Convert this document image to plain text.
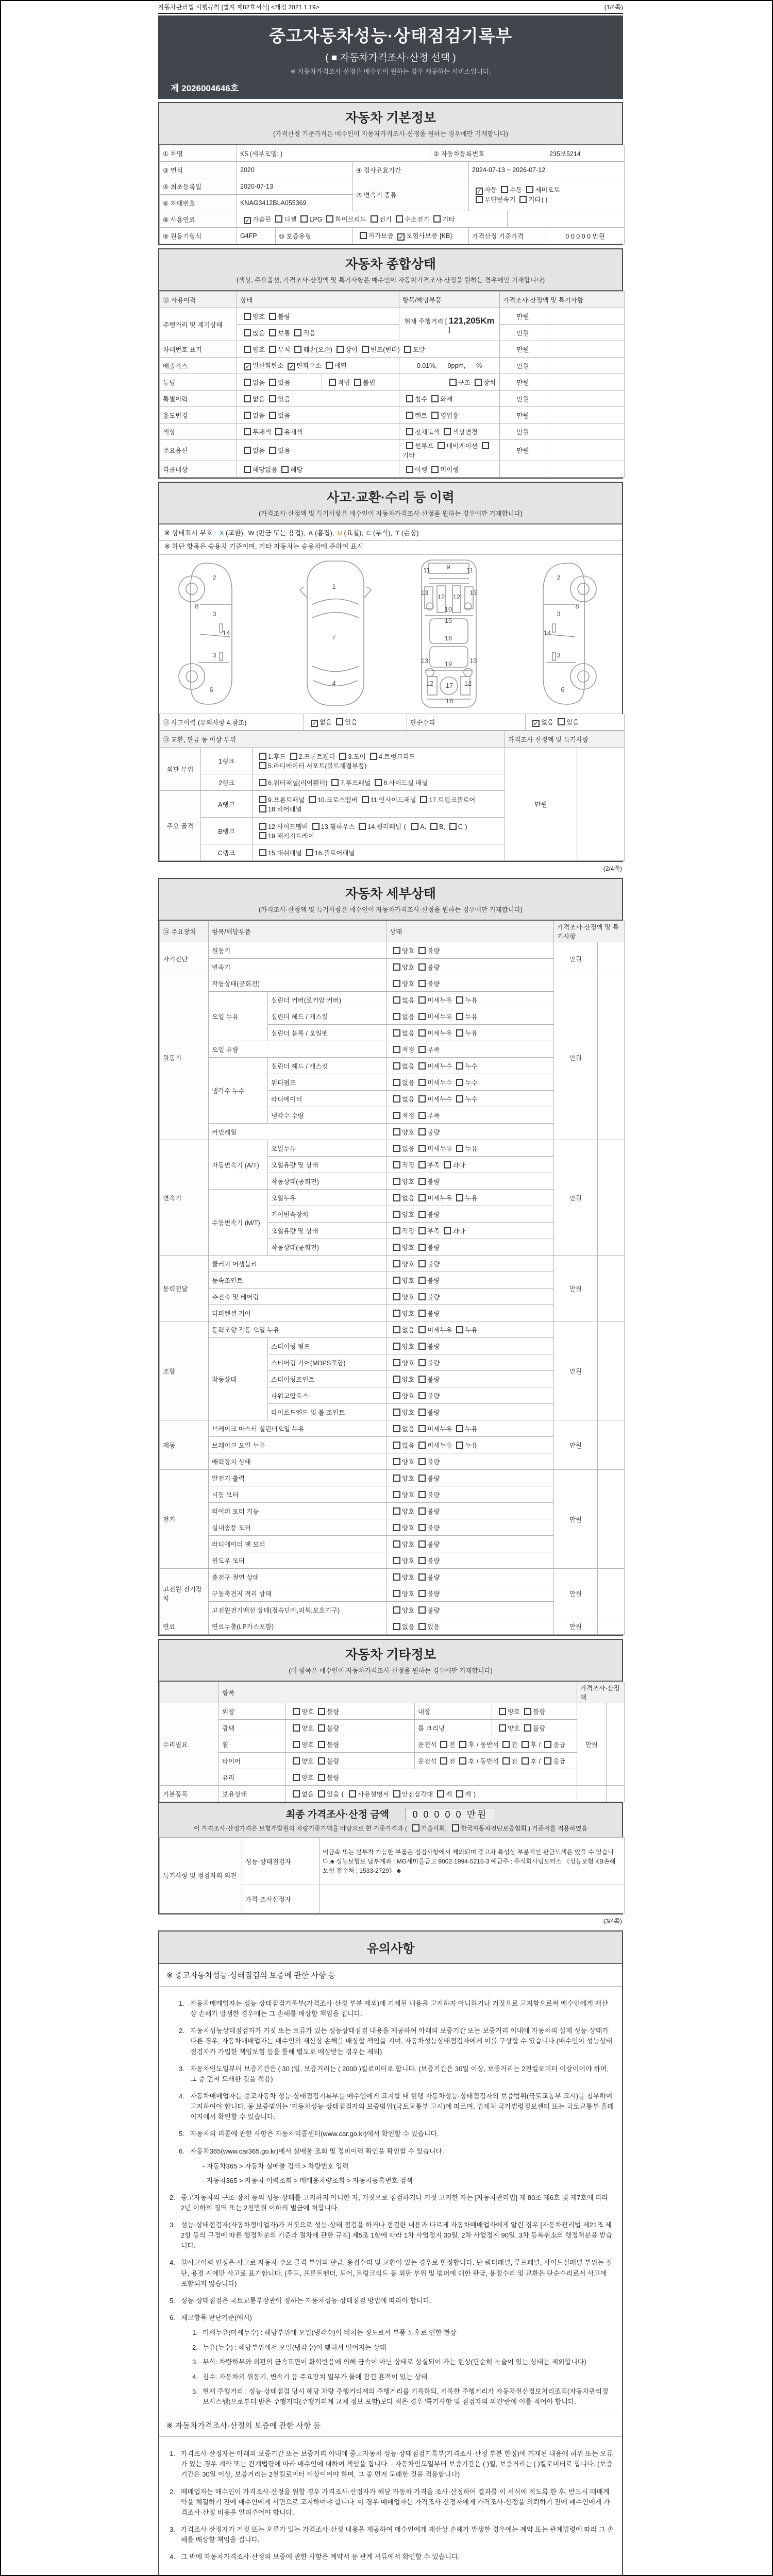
자동차관리법 시행규칙 [별지 제82호서식] <개정 2021.1.19>	(1/4쪽)
중고자동차성능·상태점검기록부
( ■ 자동차가격조사·산정 선택 )
※ 자동차가격조사·산정은 매수인이 원하는 경우 제공하는 서비스입니다.
제 2026004646호
자동차 기본정보
(가격산정 기준가격은 매수인이 자동차가격조사·산정을 원하는 경우에만 기재합니다)
① 차명	K5 (세부모델: )			② 자동차등록번호			235보5214
③ 연식	2020		④ 검사유효기간		2024-07-13 ~ 2026-07-12		
⑤ 최초등록일	2020-07-13		⑦ 변속기 종류	✓자동 수동 세미오토
무단변속기 기타( )
⑥ 차대번호	KNAG3412BLA055369						
⑧ 사용연료	✓가솔린 디젤 LPG 하이브리드 전기 수소전기 기타	
⑨ 원동기형식	G4FP	⑩ 보증유형	자가보증 ✓ 보험사보증 [KB]		가격산정 기준가격		0 0 0 0 0 만원
자동차 종합상태
(색상, 주요옵션, 가격조사·산정액 및 특기사항은 매수인이 자동차가격조사·산정을 원하는 경우에만 기재합니다)
⑪ 사용이력	상태		항목/해당부품	가격조사·산정액 및 특기사항	
주행거리 및 계기상태	양호 불량		현재 주행거리 [ 121,205Km ]	만원	
	많음 보통 적음			만원	
차대번호 표기	양호 부식 훼손(오손) 상이 변조(변타) 도말			만원	
배출가스	✓일산화탄소 ✓ 탄화수소 매연		0.01%,      9ppm,      %	만원	
튜닝	없음 있음	적법 불법	구조 장치	만원	
특별이력	없음 있음		침수 화재	만원	
용도변경	없음 있음		렌트 영업용	만원	
색상	무채색 유채색		전체도색 색상변경	만원	
주요옵션	없음 있음		썬루프 네비게이션기타	만원	
리콜대상	해당없음 해당		이행 미이행		
사고·교환·수리 등 이력
(가격조사·산정액 및 특기사항은 매수인이 자동차가격조사·산정을 원하는 경우에만 기재합니다)
※ 상태표시 부호 : X (교환), W (판금 또는 용접), A (흠집), U (요철), C (부식), T (손상)
※ 하단 항목은 승용차 기준이며, 기타 자동차는 승용차에 준하여 표시
2
8
3
14
3
6
1
7
4
11 9 11
13
12 12
13
10
15
16
13 19	13
12 17 12
18
2
8
3
14
3
6
⑫ 사고이력 (유의사항 4.참조)	✓없음 있음	단순수리	✓없음 있음
⑬ 교환, 판금 등 이상 부위			가격조사·산정액 및 특기사항	
외판 부위	1랭크	1.후드 2.프론트휀더 3.도어 4.트렁크리드
5.라디에이터 서포트(볼트체결부품)	만원	
	2랭크	6.쿼터패널(리어휀더) 7.루프패널 8.사이드실 패널		
주요 골격	A랭크	9.프론트패널 10.크로스멤버 11.인사이드패널 17.트렁크플로어
18.리어패널		
	B랭크	12.사이드멤버 13.휠하우스 14.필러패널 ( A, B, C )
19.패키지트레이		
	C랭크	15.대쉬패널 16.플로어패널		
(2/4쪽)
자동차 세부상태
(가격조사·산정액 및 특기사항은 매수인이 자동차가격조사·산정을 원하는 경우에만 기재합니다)
⑭ 주요장치	항목/해당부품		상태	가격조사·산정액 및 특기사항	
자기진단	원동기		양호 불량	만원	
	변속기		양호 불량		
원동기	작동상태(공회전)		양호 불량	만원	
	오일 누유	실린더 커버(로커암 커버)	없음 미세누유 누유		
		실린더 헤드 / 개스킷	없음 미세누유 누유		
		실린더 블록 / 오일팬	없음 미세누유 누유		
	오일 유량		적정 부족		
	냉각수 누수	실린더 헤드 / 개스킷	없음 미세누수 누수		
		워터펌프	없음 미세누수 누수		
		라디에이터	없음 미세누수 누수		
		냉각수 수량	적정 부족		
	커먼레일		양호 불량		
변속기	자동변속기 (A/T)	오일누유	없음 미세누유 누유	만원	
		오일유량 및 상태	적정 부족 과다		
		작동상태(공회전)	양호 불량		
	수동변속기 (M/T)	오일누유	없음 미세누유 누유		
		기어변속장치	양호 불량		
		오일유량 및 상태	적정 부족 과다		
		작동상태(공회전)	양호 불량		
동력전달	클러치 어셈블리		양호 불량	만원	
	등속조인트		양호 불량		
	추진축 및 베어링		양호 불량		
	디퍼렌셜 기어		양호 불량		
조향	동력조향 작동 오일 누유		없음 미세누유 누유	만원	
	작동상태	스티어링 펌프	양호 불량		
		스티어링 기어(MDPS포함)	양호 불량		
		스티어링조인트	양호 불량		
		파워고압호스	양호 불량		
		타이로드엔드 및 볼 조인트	양호 불량		
제동	브레이크 마스터 실린더오일 누유		없음 미세누유 누유	만원	
	브레이크 오일 누유		없음 미세누유 누유		
	배력장치 상태		양호 불량		
전기	발전기 출력		양호 불량	만원	
	시동 모터		양호 불량		
	와이퍼 모터 기능		양호 불량		
	실내송풍 모터		양호 불량		
	라디에이터 팬 모터		양호 불량		
	윈도우 모터		양호 불량		
고전원 전기장치	충전구 절연 상태		양호 불량	만원	
	구동축전지 격리 상태		양호 불량		
	고전원전기배선 상태(접속단자,피복,보호기구)		양호 불량		
연료	연료누출(LP가스포함)		없음 있음	만원	
자동차 기타정보
(이 항목은 매수인이 자동차가격조사·산정을 원하는 경우에만 기재합니다)
	항목				가격조사·산정액	
수리필요	외장	양호 불량	내장	양호 불량	만원	
	광택	양호 불량	룸 크리닝	양호 불량		
	휠	양호 불량	운전석 전 후 / 동반석 전 후 / 응급			
	타이어	양호 불량	운전석 전 후 / 동반석 전 후 / 응급			
	유리	양호 불량				
기본품목	보유상태	없음 있음 ( 사용설명서 안전삼각대 잭 잭 )				
최종 가격조사·산정 금액	0 0 0 0 0 만원
이 가격조사·산정가격은 보험개발원의 차량기준가액을 바탕으로 한 기준가격과 ( 기술사회, 한국자동차진단보증협회 ) 기준서를 적용하였음
특기사항 및 점검자의 의견	성능·상태점검자	비금속 또는 탈부착 가능한 부품은 점검사항에서 제외되며 중고차 특성상 부분적인 판금도색은 있을 수 있습니다.♣ 성능보험료 납부계좌 : MG새마을금고 9002-1994-5215-3 예금주 : 주식회사팀모터스 《성능보험 KB손해보험 접수처 : 1533-2729》 ♣
	가격·조사산정자	
(3/4쪽)
유의사항
※ 중고자동차성능·상태점검의 보증에 관한 사항 등

1. 자동차매매업자는 성능·상태점검기록부(가격조사·산정 부분 제외)에 기재된 내용을 고지하지 아니하거나 거짓으로 고지함으로써 매수인에게 재산상 손해가 발생한 경우에는 그 손해를 배상할 책임을 집니다.

2. 자동차성능상태점검자가 거짓 또는 오류가 있는 성능상태점검 내용을 제공하여 아래의 보증기간 또는 보증거리 이내에 자동차의 실제 성능·상태가 다른 경우, 자동차매매업자는 매수인의 재산상 손해를 배상할 책임을 지며, 자동차성능상태점검자에게 이를 구상할 수 있습니다.(매수인이 성능상태점검자가 가입한 책임보험 등을 통해 별도로 배상받는 경우는 제외)

3. 자동차인도일부터 보증기간은 ( 30 )일, 보증거리는 ( 2000 )킬로미터로 합니다. (보증기간은 30일 이상, 보증거리는 2천킬로미터 이상이어야 하며, 그 중 먼저 도래한 것을 적용)

4. 자동차매매업자는 중고자동차 성능·상태점검기록부를 매수인에게 고지할 때 현행 자동차성능·상태점검자의 보증범위(국토교통부 고시)를 첨부하여 고지하여야 합니다. 동 보증범위는 '자동차성능·상태점검자의 보증범위'(국토교통부 고시)에 따르며, 법제처 국가법령정보센터 또는 국토교통부 홈페이지에서 확인할 수 있습니다.

5. 자동차의 리콜에 관한 사항은 자동차리콜센터(www.car.go.kr)에서 확인할 수 있습니다.

6. 자동차365(www.car365.go.kr)에서 실매물 조회 및 정비이력 확인을 확인할 수 있습니다.

- 자동차365 > 자동차 실매물 검색 > 차량번호 입력

- 자동차365 > 자동차 이력조회 > 매매용차량조회 > 자동차등록번호 검색

2. 중고자동차의 구조·장치 등의 성능·상태를 고지하지 아니한 자, 거짓으로 점검하거나 거짓 고지한 자는 [자동차관리법] 제 80조 제6호 및 제7호에 따라 2년 이하의 징역 또는 2천만원 이하의 벌금에 처합니다.

3. 성능·상태점검자(자동차정비업자)가 거짓으로 성능·상태 점검을 하거나 점검한 내용과 다르게 자동차매매업자에게 알린 경우 [자동차관리법 제21조 제2항 등의 규정에 따른 행정처분의 기준과 절차에 관한 규칙] 제5조 1항에 따라 1차 사업정지 30일, 2차 사업정지 90일, 3차 등록취소의 행정처분을 받습니다.

4. ⑫사고이력 인정은 사고로 자동차 주요 골격 부위의 판금, 용접수리 및 교환이 있는 경우로 한정합니다. 단 쿼터패널, 루프패널, 사이드실패널 부위는 절단, 용접 시에만 사고로 표기합니다. (후드, 프론트펜더, 도어, 트렁크리드 등 외판 부위 및 범퍼에 대한 판금, 용접수리 및 교환은 단순수리로서 사고에 포함되지 않습니다)

5. 성능·상태점검은 국토교통부장관이 정하는 자동차성능·상태점검 방법에 따라야 합니다.

6. 체크항목 판단기준(예시)

1. 미세누유(미세누수) : 해당부위에 오일(냉각수)이 비치는 정도로서 부품 노후로 인한 현상

2. 누유(누수) : 해당부위에서 오일(냉각수)이 맺혀서 떨어지는 상태

3. 부식: 차량하부와 외판의 금속표면이 화학반응에 의해 금속이 아닌 상태로 상실되어 가는 현상(단순히 녹슬어 있는 상태는 제외합니다)

4. 침수: 자동차의 원동기, 변속기 등 주요장치 일부가 물에 잠긴 흔적이 있는 상태

5. 현재 주행거리 : 성능·상태점검 당시 해당 차량 주행거리계의 주행거리를 기록하되, 기록한 주행거리가 자동차전산정보처리조직(자동차관리정보시스템)으로부터 받은 주행거리(주행거리계 교체 정보 포함)보다 적은 경우 '특기사항 및 점검자의 의견'란에 이를 적어야 합니다.

※ 자동차가격조사·산정의 보증에 관한 사항 등

1. 가격조사·산정자는 아래의 보증기간 또는 보증거리 이내에 중고자동차 성능·상태점검기록부(가격조사·산정 부분 한정)에 기재된 내용에 허위 또는 오류가 있는 경우 계약 또는 관계법령에 따라 매수인에 대하여 책임을 집니다. · 자동차인도일부터 보증기간은 ( )일, 보증거리는 ( )킬로미터로 합니다. (보증기간은 30일 이상, 보증거리는 2천킬로미터 이상이어야 하며, 그 중 먼저 도래한 것을 적용합니다)

2. 매매업자는 매수인이 가격조사·산정을 원할 경우 가격조사·산정자가 해당 자동차 가격을 조사·산정하여 결과를 이 서식에 적도록 한 후, 반드시 매매계약을 체결하기 전에 매수인에게 서면으로 고지하여야 합니다. 이 경우 매매업자는 가격조사·산정자에게 가격조사·산정을 의뢰하기 전에 매수인에게 가격조사·산정 비용을 알려주어야 합니다.

3. 가격조사·산정자가 거짓 또는 오류가 있는 가격조사·산정 내용을 제공하여 매수인에게 재산상 손해가 발생한 경우에는 계약 또는 관계법령에 따라 그 손해를 배상할 책임을 집니다.

4. 그 밖에 자동차가격조사·산정의 보증에 관한 사항은 계약서 등 관계 서류에서 확인할 수 있습니다.
